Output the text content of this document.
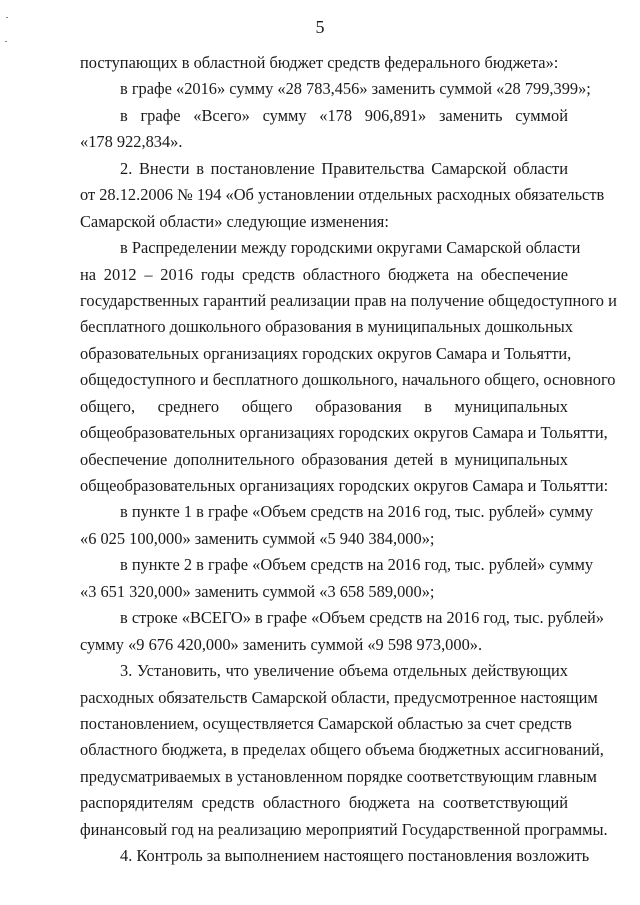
5
поступающих в областной бюджет средств федерального бюджета»:
в графе «2016» сумму «28 783,456» заменить суммой «28 799,399»;
в графе «Всего» сумму «178 906,891» заменить суммой
«178 922,834».
2. Внести в постановление Правительства Самарской области
от 28.12.2006 № 194 «Об установлении отдельных расходных обязательств
Самарской области» следующие изменения:
в Распределении между городскими округами Самарской области
на 2012 – 2016 годы средств областного бюджета на обеспечение
государственных гарантий реализации прав на получение общедоступного и
бесплатного дошкольного образования в муниципальных дошкольных
образовательных организациях городских округов Самара и Тольятти,
общедоступного и бесплатного дошкольного, начального общего, основного
общего, среднего общего образования в муниципальных
общеобразовательных организациях городских округов Самара и Тольятти,
обеспечение дополнительного образования детей в муниципальных
общеобразовательных организациях городских округов Самара и Тольятти:
в пункте 1 в графе «Объем средств на 2016 год, тыс. рублей» сумму
«6 025 100,000» заменить суммой «5 940 384,000»;
в пункте 2 в графе «Объем средств на 2016 год, тыс. рублей» сумму
«3 651 320,000» заменить суммой «3 658 589,000»;
в строке «ВСЕГО» в графе «Объем средств на 2016 год, тыс. рублей»
сумму «9 676 420,000» заменить суммой «9 598 973,000».
3. Установить, что увеличение объема отдельных действующих
расходных обязательств Самарской области, предусмотренное настоящим
постановлением, осуществляется Самарской областью за счет средств
областного бюджета, в пределах общего объема бюджетных ассигнований,
предусматриваемых в установленном порядке соответствующим главным
распорядителям средств областного бюджета на соответствующий
финансовый год на реализацию мероприятий Государственной программы.
4. Контроль за выполнением настоящего постановления возложить
